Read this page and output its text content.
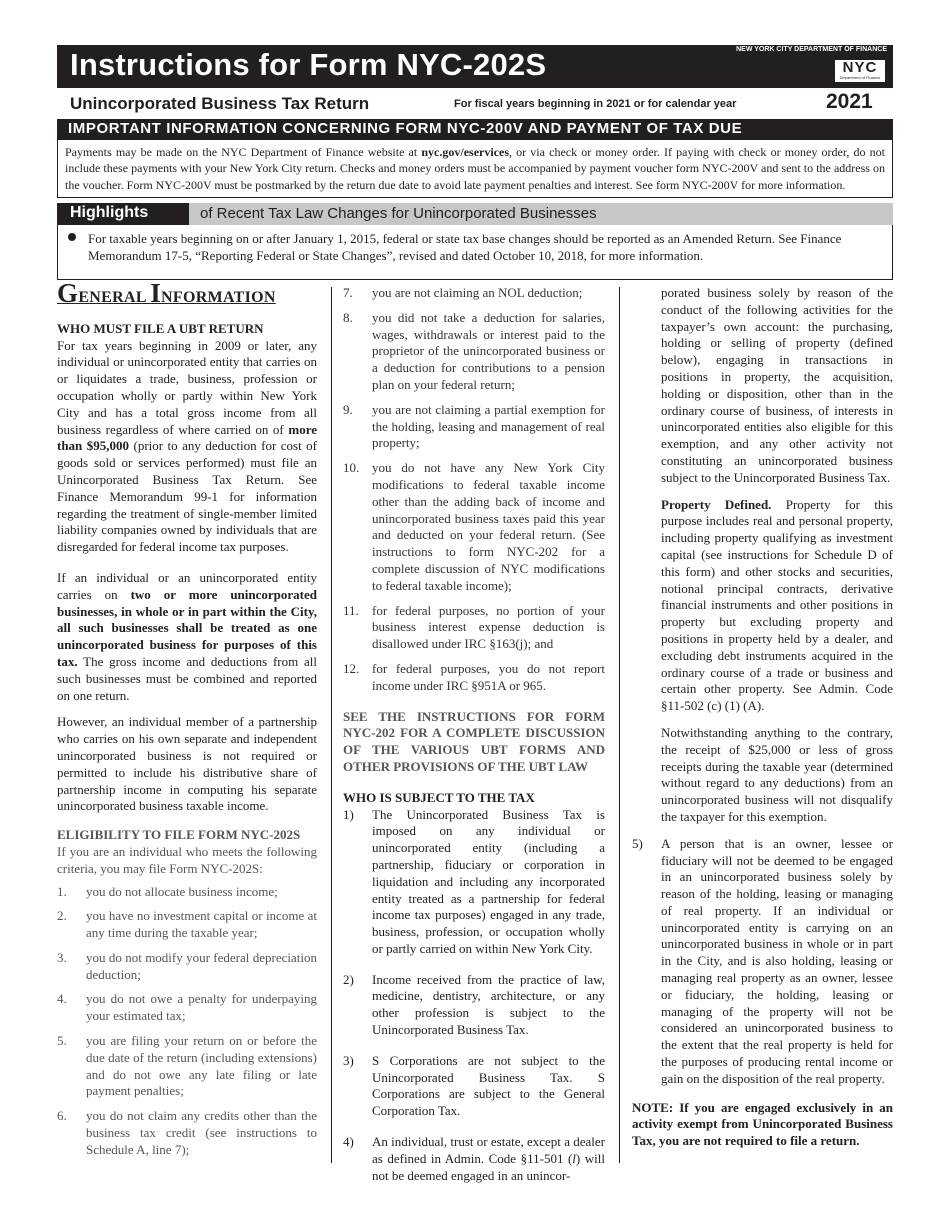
Instructions for Form NYC-202S	NEW YORK CITY DEPARTMENT OF FINANCE
NYC
Department of Finance
Unincorporated Business Tax Return	For fiscal years beginning in 2021 or for calendar year	2021
IMPORTANT INFORMATION CONCERNING FORM NYC-200V AND PAYMENT OF TAX DUE
Payments may be made on the NYC Department of Finance website at nyc.gov/eservices, or via check or money order. If paying with check or money order, do not include these payments with your New York City return. Checks and money orders must be accompanied by payment voucher form NYC-200V and sent to the address on the voucher. Form NYC-200V must be postmarked by the return due date to avoid late payment penalties and interest. See form NYC-200V for more information.
Highlights	of Recent Tax Law Changes for Unincorporated Businesses
For taxable years beginning on or after January 1, 2015, federal or state tax base changes should be reported as an Amended Return. See Finance Memorandum 17-5, “Reporting Federal or State Changes”, revised and dated October 10, 2018, for more information.
GENERAL INFORMATION
WHO MUST FILE A UBT RETURN

For tax years beginning in 2009 or later, any individual or unincorporated entity that carries on or liquidates a trade, business, profession or occupation wholly or partly within New York City and has a total gross income from all business regardless of where carried on of more than $95,000 (prior to any deduction for cost of goods sold or services performed) must file an Unincorporated Business Tax Return. See Finance Memorandum 99-1 for information regarding the treatment of single-member limited liability companies owned by individuals that are disregarded for federal income tax purposes.

If an individual or an unincorporated entity carries on two or more unincorporated businesses, in whole or in part within the City, all such businesses shall be treated as one unincorporated business for purposes of this tax. The gross income and deductions from all such businesses must be combined and reported on one return.

However, an individual member of a partnership who carries on his own separate and independent unincorporated business is not required or permitted to include his distributive share of partnership income in computing his separate unincorporated business taxable income.

ELIGIBILITY TO FILE FORM NYC-202S

If you are an individual who meets the following criteria, you may file Form NYC-202S:

1. you do not allocate business income;
2. you have no investment capital or income at any time during the taxable year;
3. you do not modify your federal depreciation deduction;
4. you do not owe a penalty for underpaying your estimated tax;
5. you are filing your return on or before the due date of the return (including extensions) and do not owe any late filing or late payment penalties;
6. you do not claim any credits other than the business tax credit (see instructions to Schedule A, line 7);
7. you are not claiming an NOL deduction;
8. you did not take a deduction for salaries, wages, withdrawals or interest paid to the proprietor of the unincorporated business or a deduction for contributions to a pension plan on your federal return;
9. you are not claiming a partial exemption for the holding, leasing and management of real property;
10. you do not have any New York City modifications to federal taxable income other than the adding back of income and unincorporated business taxes paid this year and deducted on your federal return. (See instructions to form NYC-202 for a complete discussion of NYC modifications to federal taxable income);
11. for federal purposes, no portion of your business interest expense deduction is disallowed under IRC §163(j); and
12. for federal purposes, you do not report income under IRC §951A or 965.

SEE THE INSTRUCTIONS FOR FORM NYC-202 FOR A COMPLETE DISCUSSION OF THE VARIOUS UBT FORMS AND OTHER PROVISIONS OF THE UBT LAW

WHO IS SUBJECT TO THE TAX
1) The Unincorporated Business Tax is imposed on any individual or unincorporated entity (including a partnership, fiduciary or corporation in liquidation and including any incorporated entity treated as a partnership for federal income tax purposes) engaged in any trade, business, profession, or occupation wholly or partly carried on within New York City.
2) Income received from the practice of law, medicine, dentistry, architecture, or any other profession is subject to the Unincorporated Business Tax.
3) S Corporations are not subject to the Unincorporated Business Tax. S Corporations are subject to the General Corporation Tax.
4) An individual, trust or estate, except a dealer as defined in Admin. Code §11-501 (l) will not be deemed engaged in an unincor-

porated business solely by reason of the conduct of the following activities for the taxpayer’s own account: the purchasing, holding or selling of property (defined below), engaging in transactions in positions in property, the acquisition, holding or disposition, other than in the ordinary course of business, of interests in unincorporated entities also eligible for this exemption, and any other activity not constituting an unincorporated business subject to the Unincorporated Business Tax.

Property Defined. Property for this purpose includes real and personal property, including property qualifying as investment capital (see instructions for Schedule D of this form) and other stocks and securities, notional principal contracts, derivative financial instruments and other positions in property but excluding property and positions in property held by a dealer, and excluding debt instruments acquired in the ordinary course of a trade or business and certain other property. See Admin. Code §11-502 (c) (1) (A).

Notwithstanding anything to the contrary, the receipt of $25,000 or less of gross receipts during the taxable year (determined without regard to any deductions) from an unincorporated business will not disqualify the taxpayer for this exemption.

5) A person that is an owner, lessee or fiduciary will not be deemed to be engaged in an unincorporated business solely by reason of the holding, leasing or managing of real property. If an individual or unincorporated entity is carrying on an unincorporated business in whole or in part in the City, and is also holding, leasing or managing real property as an owner, lessee or fiduciary, the holding, leasing or managing of the property will not be considered an unincorporated business to the extent that the real property is held for the purposes of producing rental income or gain on the disposition of the real property.

NOTE: If you are engaged exclusively in an activity exempt from Unincorporated Business Tax, you are not required to file a return.
